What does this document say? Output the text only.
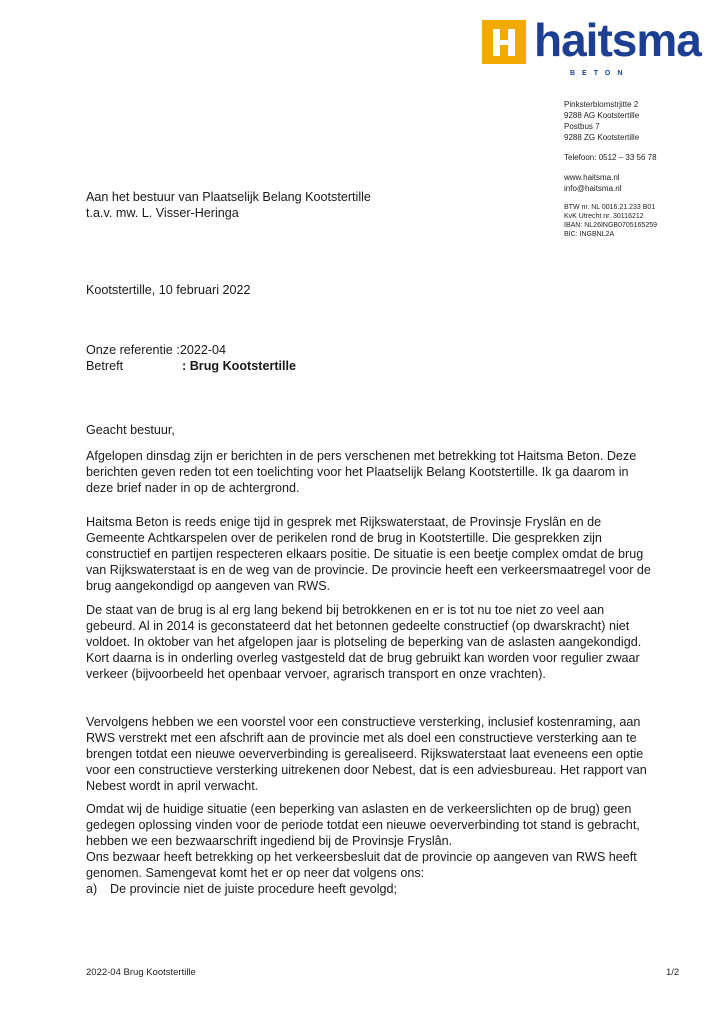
haitsma
BETON
Pinksterblomstrjitte 2
9288 AG Kootstertille
Postbus 7
9288 ZG Kootstertille
Telefoon: 0512 – 33 56 78
www.haitsma.nl
info@haitsma.nl
BTW nr. NL 0016.21.233 B01
KvK Utrecht nr. 30116212
IBAN: NL26INGB0705165259
BIC: INGBNL2A
Aan het bestuur van Plaatselijk Belang Kootstertille
t.a.v. mw. L. Visser-Heringa
Kootstertille, 10 februari 2022
Onze referentie : 2022-04
Betreft	: Brug Kootstertille
Geacht bestuur,

Afgelopen dinsdag zijn er berichten in de pers verschenen met betrekking tot Haitsma Beton. Deze berichten geven reden tot een toelichting voor het Plaatselijk Belang Kootstertille. Ik ga daarom in deze brief nader in op de achtergrond.

Haitsma Beton is reeds enige tijd in gesprek met Rijkswaterstaat, de Provinsje Fryslân en de Gemeente Achtkarspelen over de perikelen rond de brug in Kootstertille. Die gesprekken zijn constructief en partijen respecteren elkaars positie. De situatie is een beetje complex omdat de brug van Rijkswaterstaat is en de weg van de provincie. De provincie heeft een verkeersmaatregel voor de brug aangekondigd op aangeven van RWS.

De staat van de brug is al erg lang bekend bij betrokkenen en er is tot nu toe niet zo veel aan gebeurd. Al in 2014 is geconstateerd dat het betonnen gedeelte constructief (op dwarskracht) niet voldoet. In oktober van het afgelopen jaar is plotseling de beperking van de aslasten aangekondigd. Kort daarna is in onderling overleg vastgesteld dat de brug gebruikt kan worden voor regulier zwaar verkeer (bijvoorbeeld het openbaar vervoer, agrarisch transport en onze vrachten).

Vervolgens hebben we een voorstel voor een constructieve versterking, inclusief kostenraming, aan RWS verstrekt met een afschrift aan de provincie met als doel een constructieve versterking aan te brengen totdat een nieuwe oeververbinding is gerealiseerd. Rijkswaterstaat laat eveneens een optie voor een constructieve versterking uitrekenen door Nebest, dat is een adviesbureau. Het rapport van Nebest wordt in april verwacht.

Omdat wij de huidige situatie (een beperking van aslasten en de verkeerslichten op de brug) geen gedegen oplossing vinden voor de periode totdat een nieuwe oeververbinding tot stand is gebracht, hebben we een bezwaarschrift ingediend bij de Provinsje Fryslân.

Ons bezwaar heeft betrekking op het verkeersbesluit dat de provincie op aangeven van RWS heeft genomen. Samengevat komt het er op neer dat volgens ons:

a)	De provincie niet de juiste procedure heeft gevolgd;
2022-04 Brug Kootstertille	1/2
